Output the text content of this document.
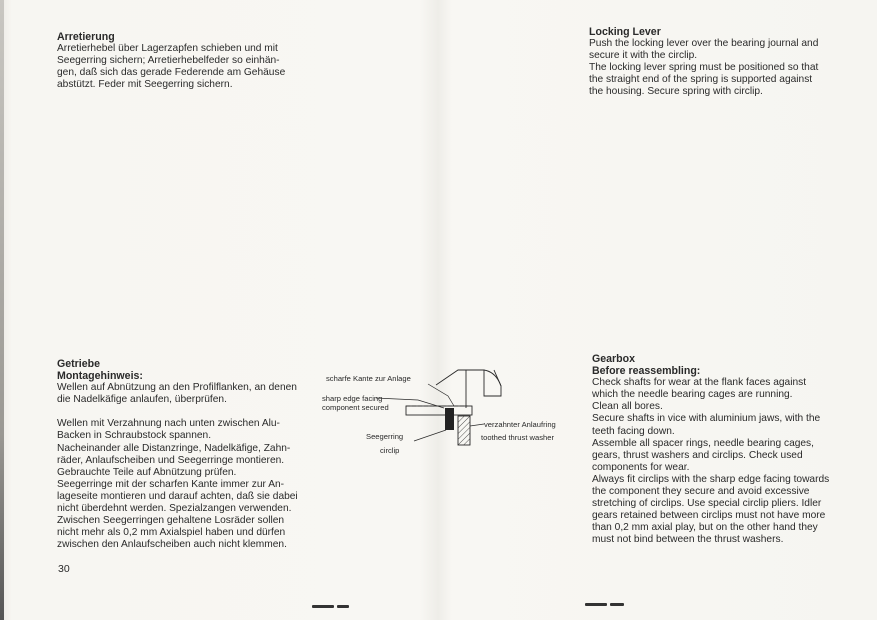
Arretierung

Arretierhebel über Lagerzapfen schieben und mit

Seegerring sichern; Arretierhebelfeder so einhän-

gen, daß sich das gerade Federende am Gehäuse

abstützt. Feder mit Seegerring sichern.

Getriebe

Montagehinweis:

Wellen auf Abnützung an den Profilflanken, an denen

die Nadelkäfige anlaufen, überprüfen.

Wellen mit Verzahnung nach unten zwischen Alu-

Backen in Schraubstock spannen.

Nacheinander alle Distanzringe, Nadelkäfige, Zahn-

räder, Anlaufscheiben und Seegerringe montieren.

Gebrauchte Teile auf Abnützung prüfen.

Seegerringe mit der scharfen Kante immer zur An-

lageseite montieren und darauf achten, daß sie dabei

nicht überdehnt werden. Spezialzangen verwenden.

Zwischen Seegerringen gehaltene Losräder sollen

nicht mehr als 0,2 mm Axialspiel haben und dürfen

zwischen den Anlaufscheiben auch nicht klemmen.

30
scharfe Kante zur Anlage
sharp edge facing
component secured
Seegerring
circlip
verzahnter Anlaufring
toothed thrust washer

Locking Lever

Push the locking lever over the bearing journal and

secure it with the circlip.

The locking lever spring must be positioned so that

the straight end of the spring is supported against

the housing. Secure spring with circlip.

Gearbox

Before reassembling:

Check shafts for wear at the flank faces against

which the needle bearing cages are running.

Clean all bores.

Secure shafts in vice with aluminium jaws, with the

teeth facing down.

Assemble all spacer rings, needle bearing cages,

gears, thrust washers and circlips. Check used

components for wear.

Always fit circlips with the sharp edge facing towards

the component they secure and avoid excessive

stretching of circlips. Use special circlip pliers. Idler

gears retained between circlips must not have more

than 0,2 mm axial play, but on the other hand they

must not bind between the thrust washers.
